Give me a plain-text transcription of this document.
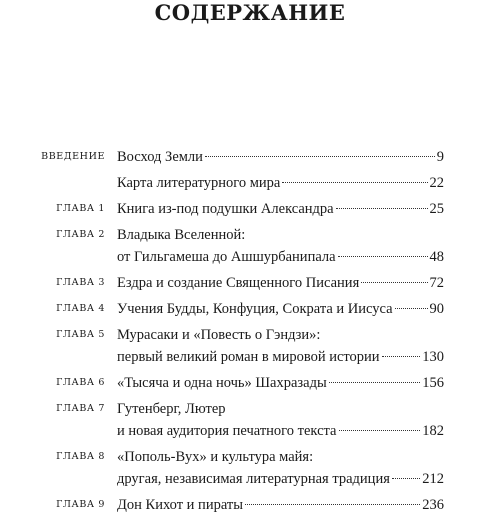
СОДЕРЖАНИЕ
ВВЕДЕНИЕ Восход Земли	9
Карта литературного мира	22
ГЛАВА 1 Книга из-под подушки Александра	25
ГЛАВА 2 Владыка Вселенной:
от Гильгамеша до Ашшурбанипала	48
ГЛАВА 3 Ездра и создание Священного Писания	72
ГЛАВА 4 Учения Будды, Конфуция, Сократа и Иисуса	90
ГЛАВА 5 Мурасаки и «Повесть о Гэндзи»:
первый великий роман в мировой истории	130
ГЛАВА 6 «Тысяча и одна ночь» Шахразады	156
ГЛАВА 7 Гутенберг, Лютер
и новая аудитория печатного текста	182
ГЛАВА 8 «Пополь-Вух» и культура майя:
другая, независимая литературная традиция 212
ГЛАВА 9 Дон Кихот и пираты	236
